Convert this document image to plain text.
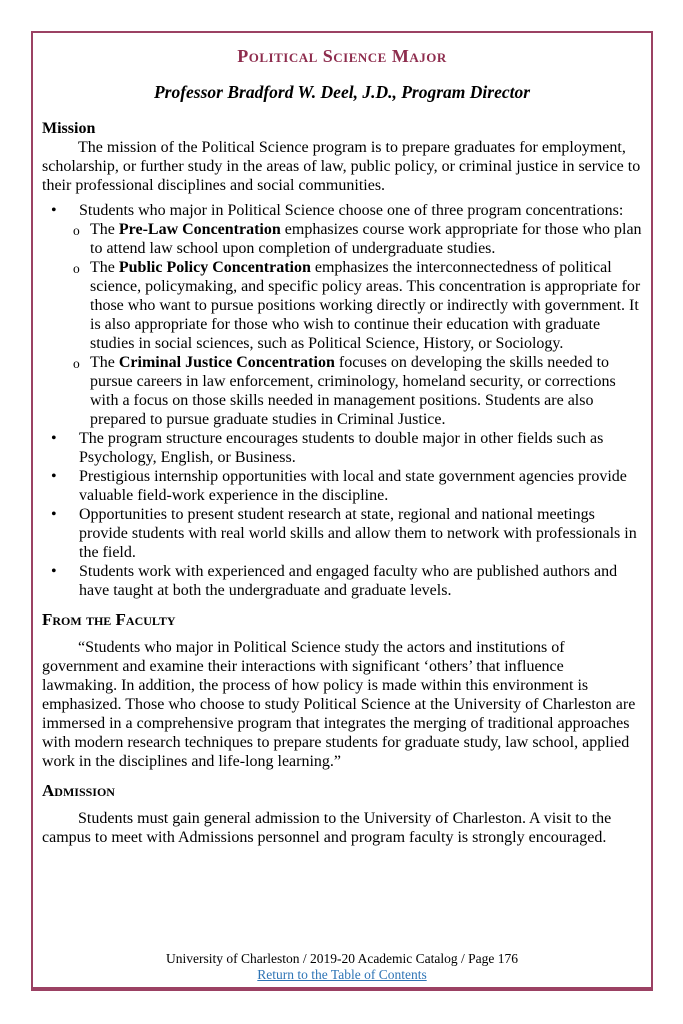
Political Science Major
Professor Bradford W. Deel, J.D., Program Director
Mission

The mission of the Political Science program is to prepare graduates for employment, scholarship, or further study in the areas of law, public policy, or criminal justice in service to their professional disciplines and social communities.

• Students who major in Political Science choose one of three program concentrations:
o The Pre-Law Concentration emphasizes course work appropriate for those who plan to attend law school upon completion of undergraduate studies.
o The Public Policy Concentration emphasizes the interconnectedness of political science, policymaking, and specific policy areas. This concentration is appropriate for those who want to pursue positions working directly or indirectly with government. It is also appropriate for those who wish to continue their education with graduate studies in social sciences, such as Political Science, History, or Sociology.
o The Criminal Justice Concentration focuses on developing the skills needed to pursue careers in law enforcement, criminology, homeland security, or corrections with a focus on those skills needed in management positions. Students are also prepared to pursue graduate studies in Criminal Justice.
• The program structure encourages students to double major in other fields such as Psychology, English, or Business.
• Prestigious internship opportunities with local and state government agencies provide valuable field-work experience in the discipline.
• Opportunities to present student research at state, regional and national meetings provide students with real world skills and allow them to network with professionals in the field.
• Students work with experienced and engaged faculty who are published authors and have taught at both the undergraduate and graduate levels.
From the Faculty

“Students who major in Political Science study the actors and institutions of government and examine their interactions with significant ‘others’ that influence lawmaking. In addition, the process of how policy is made within this environment is emphasized. Those who choose to study Political Science at the University of Charleston are immersed in a comprehensive program that integrates the merging of traditional approaches with modern research techniques to prepare students for graduate study, law school, applied work in the disciplines and life-long learning.”

Admission

Students must gain general admission to the University of Charleston. A visit to the campus to meet with Admissions personnel and program faculty is strongly encouraged.

University of Charleston / 2019-20 Academic Catalog / Page 176
Return to the Table of Contents
